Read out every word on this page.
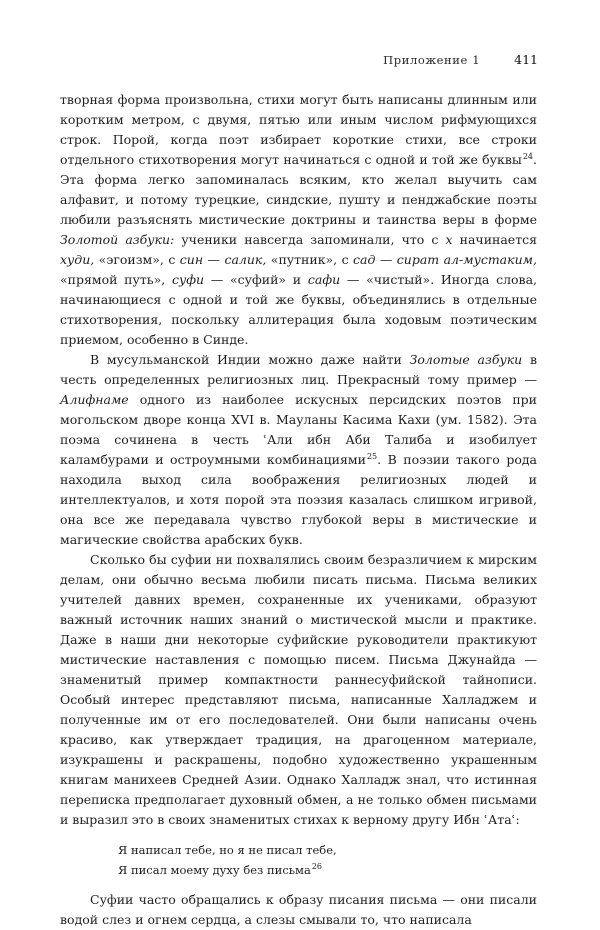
Приложение 1	411

творная форма произвольна, стихи могут быть написаны длинным или коротким метром, с двумя, пятью или иным числом рифмующихся строк. Порой, когда поэт избирает короткие стихи, все строки отдельного стихотворения могут начинаться с одной и той же буквы$^{24}$. Эта форма легко запоминалась всяким, кто желал выучить сам алфавит, и потому турецкие, синдские, пушту и пенджабские поэты любили разъяснять мистические доктрины и таинства веры в форме Золотой азбуки: ученики навсегда запоминали, что с х начинается худи, «эгоизм», с син — салик, «путник», с сад — сират ал-мустаким, «прямой путь», суфи — «суфий» и сафи — «чистый». Иногда слова, начинающиеся с одной и той же буквы, объединялись в отдельные стихотворения, поскольку аллитерация была ходовым поэтическим приемом, особенно в Синде.

В мусульманской Индии можно даже найти Золотые азбуки в честь определенных религиозных лиц. Прекрасный тому пример — Алифнаме одного из наиболее искусных персидских поэтов при могольском дворе конца XVI в. Мауланы Касима Кахи (ум. 1582). Эта поэма сочинена в честь ʿАли ибн Аби Талиба и изобилует каламбурами и остроумными комбинациями$^{25}$. В поэзии такого рода находила выход сила воображения религиозных людей и интеллектуалов, и хотя порой эта поэзия казалась слишком игривой, она все же передавала чувство глубокой веры в мистические и магические свойства арабских букв.

Сколько бы суфии ни похвалялись своим безразличием к мирским делам, они обычно весьма любили писать письма. Письма великих учителей давних времен, сохраненные их учениками, образуют важный источник наших знаний о мистической мысли и практике. Даже в наши дни некоторые суфийские руководители практикуют мистические наставления с помощью писем. Письма Джунайда — знаменитый пример компактности раннесуфийской тайнописи. Особый интерес представляют письма, написанные Халладжем и полученные им от его последователей. Они были написаны очень красиво, как утверждает традиция, на драгоценном материале, изукрашены и раскрашены, подобно художественно украшенным книгам манихеев Средней Азии. Однако Халладж знал, что истинная переписка предполагает духовный обмен, а не только обмен письмами и выразил это в своих знаменитых стихах к верному другу Ибн ʿАтаʿ:

Я написал тебе, но я не писал тебе,
Я писал моему духу без письма$^{26}$

Суфии часто обращались к образу писания письма — они писали водой слез и огнем сердца, а слезы смывали то, что написала
